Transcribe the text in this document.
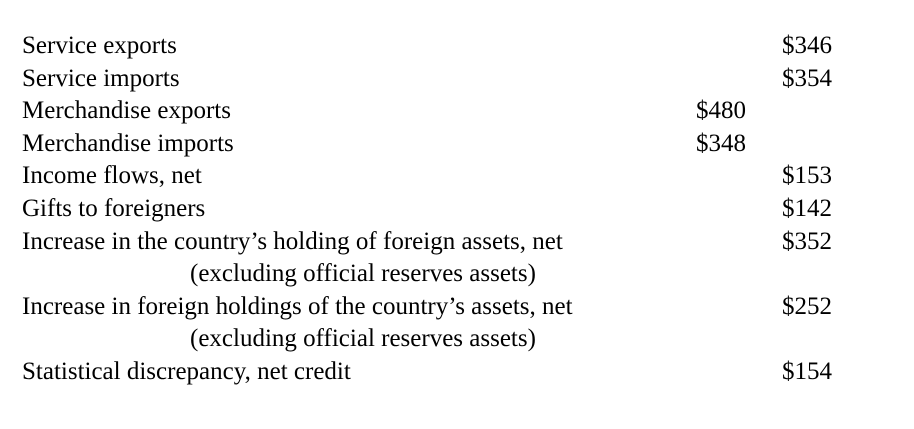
Service exports	$346
Service imports	$354
Merchandise exports	$480
Merchandise imports	$348
Income flows, net	$153
Gifts to foreigners	$142
Increase in the country’s holding of foreign assets, net	$352
(excluding official reserves assets)
Increase in foreign holdings of the country’s assets, net	$252
(excluding official reserves assets)
Statistical discrepancy, net credit	$154
